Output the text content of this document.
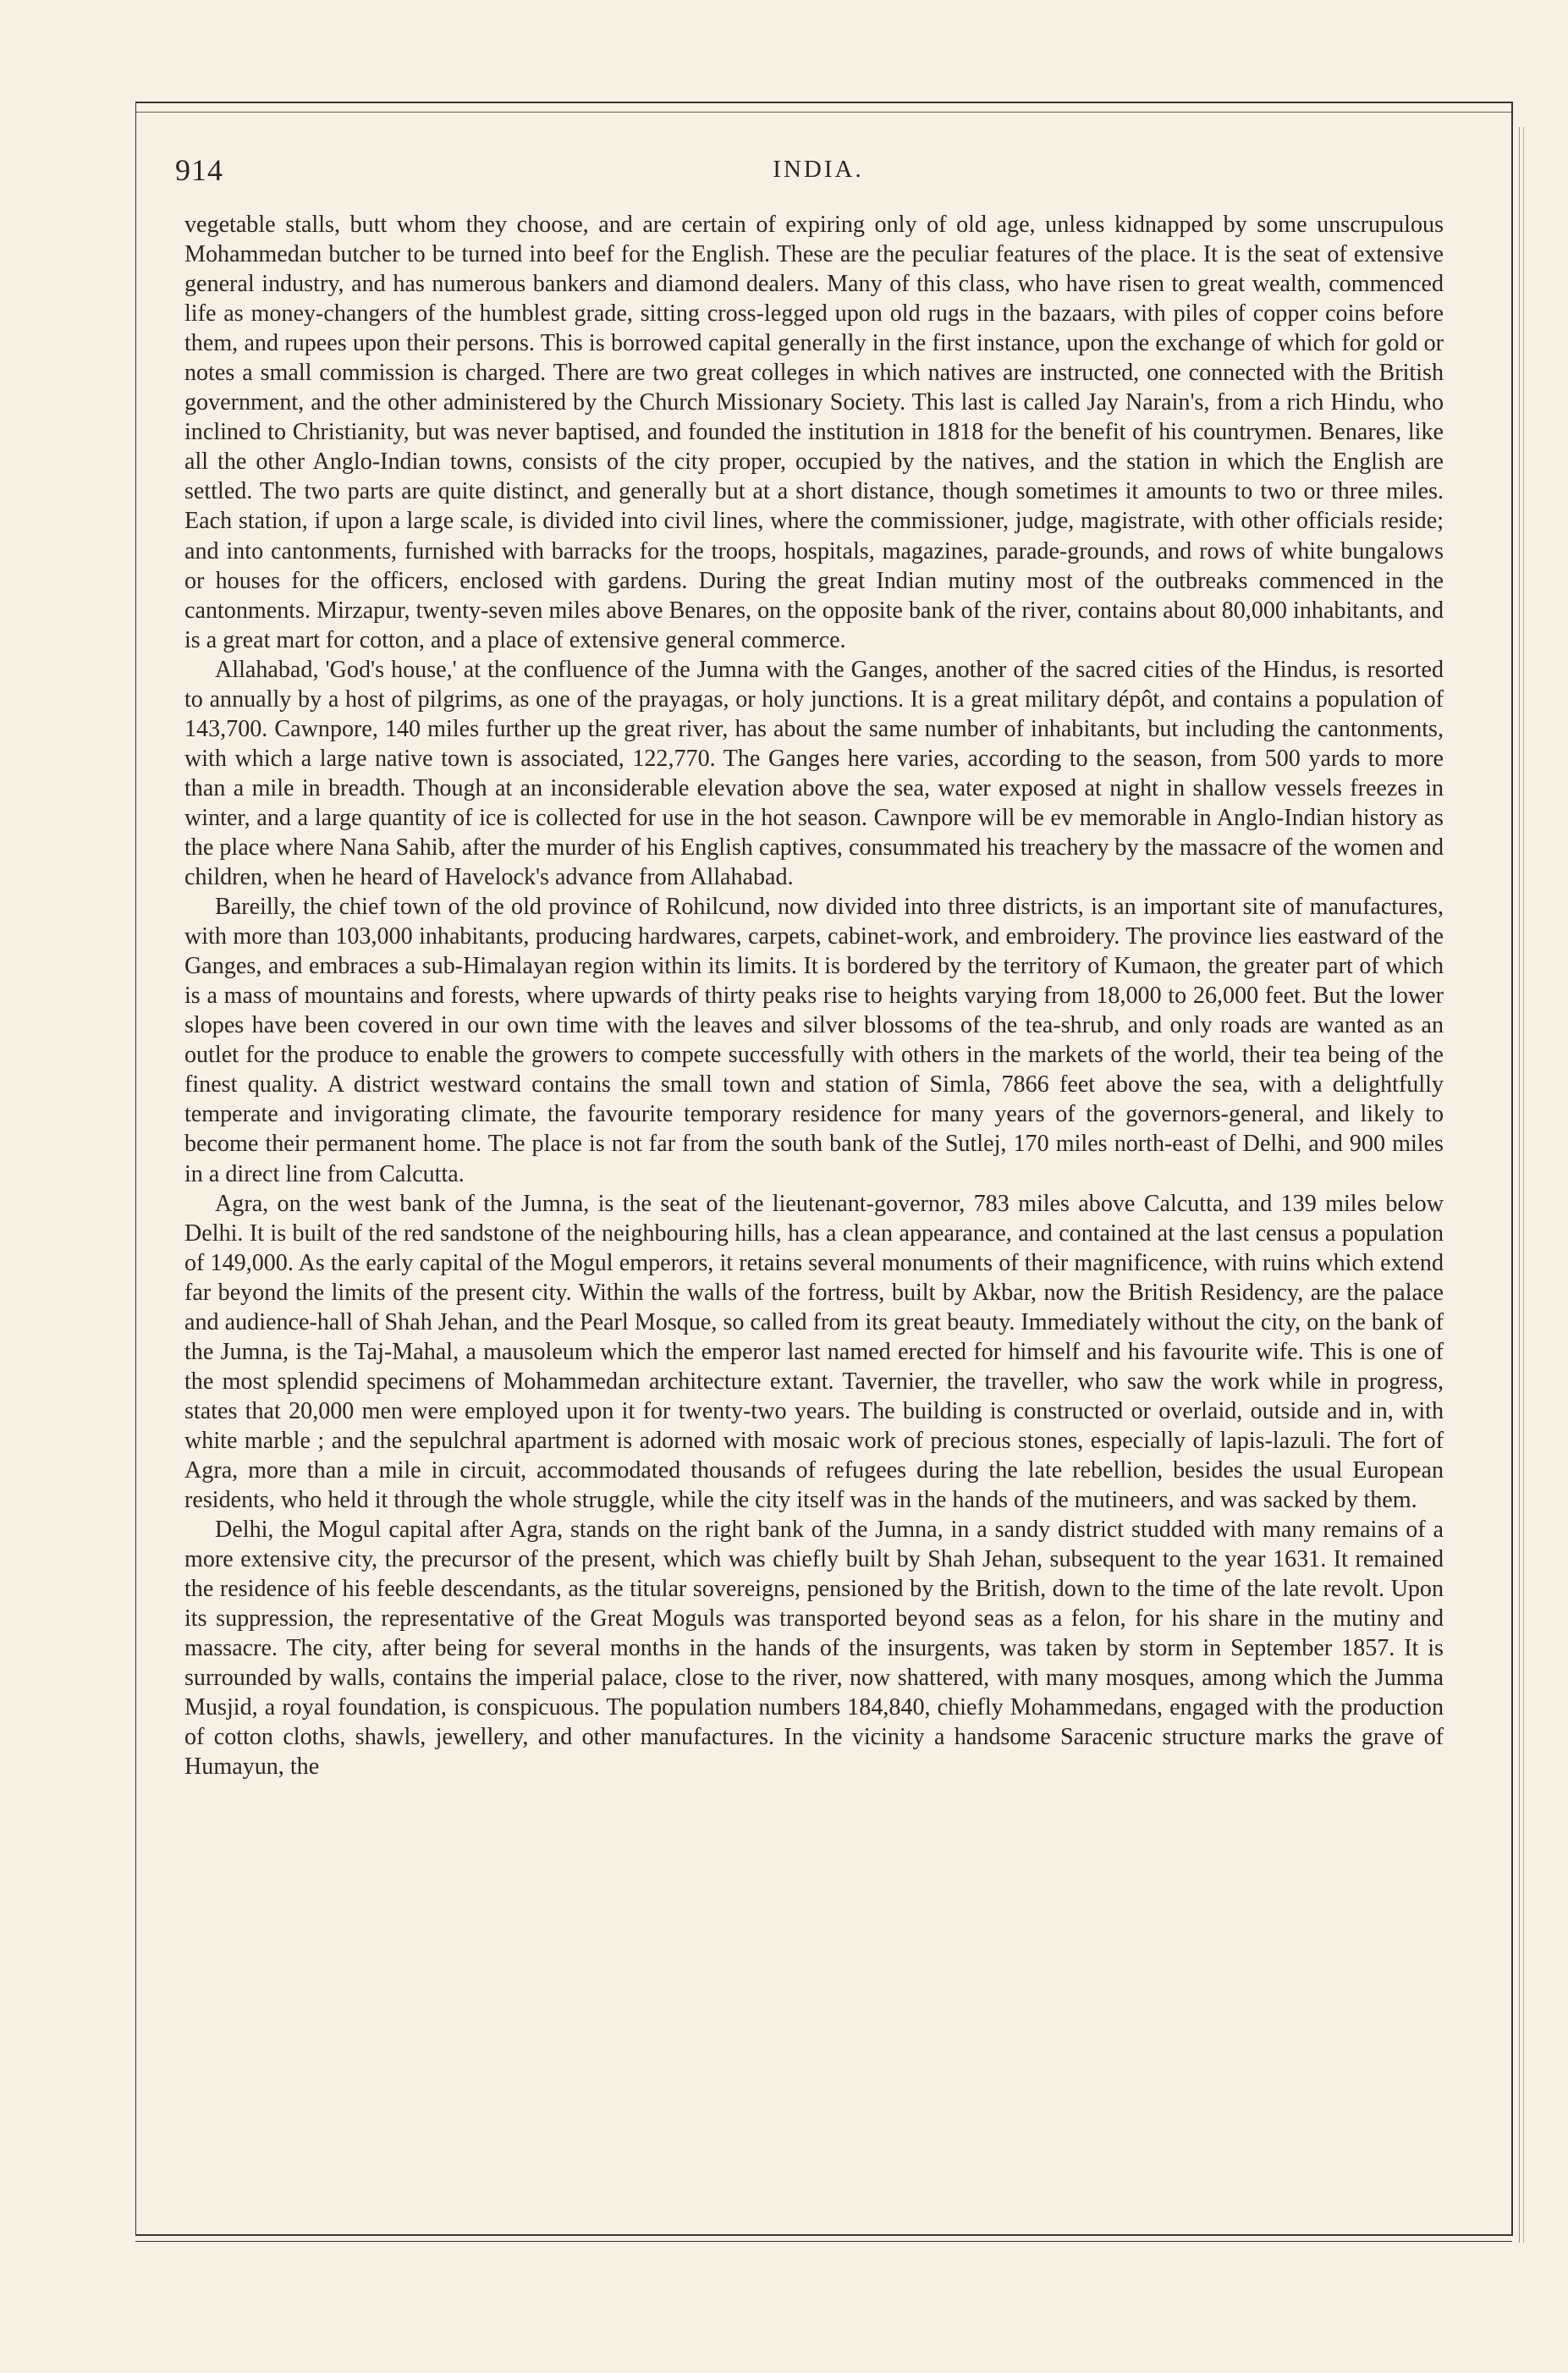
914	INDIA.

vegetable stalls, butt whom they choose, and are certain of expiring only of old age, unless kidnapped by some unscrupulous Mohammedan butcher to be turned into beef for the English. These are the peculiar features of the place. It is the seat of extensive general industry, and has numerous bankers and diamond dealers. Many of this class, who have risen to great wealth, commenced life as money-changers of the humblest grade, sitting cross-legged upon old rugs in the bazaars, with piles of copper coins before them, and rupees upon their persons. This is borrowed capital generally in the first instance, upon the exchange of which for gold or notes a small commission is charged. There are two great colleges in which natives are instructed, one connected with the British government, and the other administered by the Church Missionary Society. This last is called Jay Narain's, from a rich Hindu, who inclined to Christianity, but was never baptised, and founded the institution in 1818 for the benefit of his countrymen. Benares, like all the other Anglo-Indian towns, consists of the city proper, occupied by the natives, and the station in which the English are settled. The two parts are quite distinct, and generally but at a short distance, though sometimes it amounts to two or three miles. Each station, if upon a large scale, is divided into civil lines, where the commissioner, judge, magistrate, with other officials reside; and into cantonments, furnished with barracks for the troops, hospitals, magazines, parade-grounds, and rows of white bungalows or houses for the officers, enclosed with gardens. During the great Indian mutiny most of the outbreaks commenced in the cantonments. Mirzapur, twenty-seven miles above Benares, on the opposite bank of the river, contains about 80,000 inhabitants, and is a great mart for cotton, and a place of extensive general commerce.

Allahabad, 'God's house,' at the confluence of the Jumna with the Ganges, another of the sacred cities of the Hindus, is resorted to annually by a host of pilgrims, as one of the prayagas, or holy junctions. It is a great military dépôt, and contains a population of 143,700. Cawnpore, 140 miles further up the great river, has about the same number of inhabitants, but including the cantonments, with which a large native town is associated, 122,770. The Ganges here varies, according to the season, from 500 yards to more than a mile in breadth. Though at an inconsiderable elevation above the sea, water exposed at night in shallow vessels freezes in winter, and a large quantity of ice is collected for use in the hot season. Cawnpore will be ev memorable in Anglo-Indian history as the place where Nana Sahib, after the murder of his English captives, consummated his treachery by the massacre of the women and children, when he heard of Havelock's advance from Allahabad.

Bareilly, the chief town of the old province of Rohilcund, now divided into three districts, is an important site of manufactures, with more than 103,000 inhabitants, producing hardwares, carpets, cabinet-work, and embroidery. The province lies eastward of the Ganges, and embraces a sub-Himalayan region within its limits. It is bordered by the territory of Kumaon, the greater part of which is a mass of mountains and forests, where upwards of thirty peaks rise to heights varying from 18,000 to 26,000 feet. But the lower slopes have been covered in our own time with the leaves and silver blossoms of the tea-shrub, and only roads are wanted as an outlet for the produce to enable the growers to compete successfully with others in the markets of the world, their tea being of the finest quality. A district westward contains the small town and station of Simla, 7866 feet above the sea, with a delightfully temperate and invigorating climate, the favourite temporary residence for many years of the governors-general, and likely to become their permanent home. The place is not far from the south bank of the Sutlej, 170 miles north-east of Delhi, and 900 miles in a direct line from Calcutta.

Agra, on the west bank of the Jumna, is the seat of the lieutenant-governor, 783 miles above Calcutta, and 139 miles below Delhi. It is built of the red sandstone of the neighbouring hills, has a clean appearance, and contained at the last census a population of 149,000. As the early capital of the Mogul emperors, it retains several monuments of their magnificence, with ruins which extend far beyond the limits of the present city. Within the walls of the fortress, built by Akbar, now the British Residency, are the palace and audience-hall of Shah Jehan, and the Pearl Mosque, so called from its great beauty. Immediately without the city, on the bank of the Jumna, is the Taj-Mahal, a mausoleum which the emperor last named erected for himself and his favourite wife. This is one of the most splendid specimens of Mohammedan architecture extant. Tavernier, the traveller, who saw the work while in progress, states that 20,000 men were employed upon it for twenty-two years. The building is constructed or overlaid, outside and in, with white marble ; and the sepulchral apartment is adorned with mosaic work of precious stones, especially of lapis-lazuli. The fort of Agra, more than a mile in circuit, accommodated thousands of refugees during the late rebellion, besides the usual European residents, who held it through the whole struggle, while the city itself was in the hands of the mutineers, and was sacked by them.

Delhi, the Mogul capital after Agra, stands on the right bank of the Jumna, in a sandy district studded with many remains of a more extensive city, the precursor of the present, which was chiefly built by Shah Jehan, subsequent to the year 1631. It remained the residence of his feeble descendants, as the titular sovereigns, pensioned by the British, down to the time of the late revolt. Upon its suppression, the representative of the Great Moguls was transported beyond seas as a felon, for his share in the mutiny and massacre. The city, after being for several months in the hands of the insurgents, was taken by storm in September 1857. It is surrounded by walls, contains the imperial palace, close to the river, now shattered, with many mosques, among which the Jumma Musjid, a royal foundation, is conspicuous. The population numbers 184,840, chiefly Mohammedans, engaged with the production of cotton cloths, shawls, jewellery, and other manufactures. In the vicinity a handsome Saracenic structure marks the grave of Humayun, the
